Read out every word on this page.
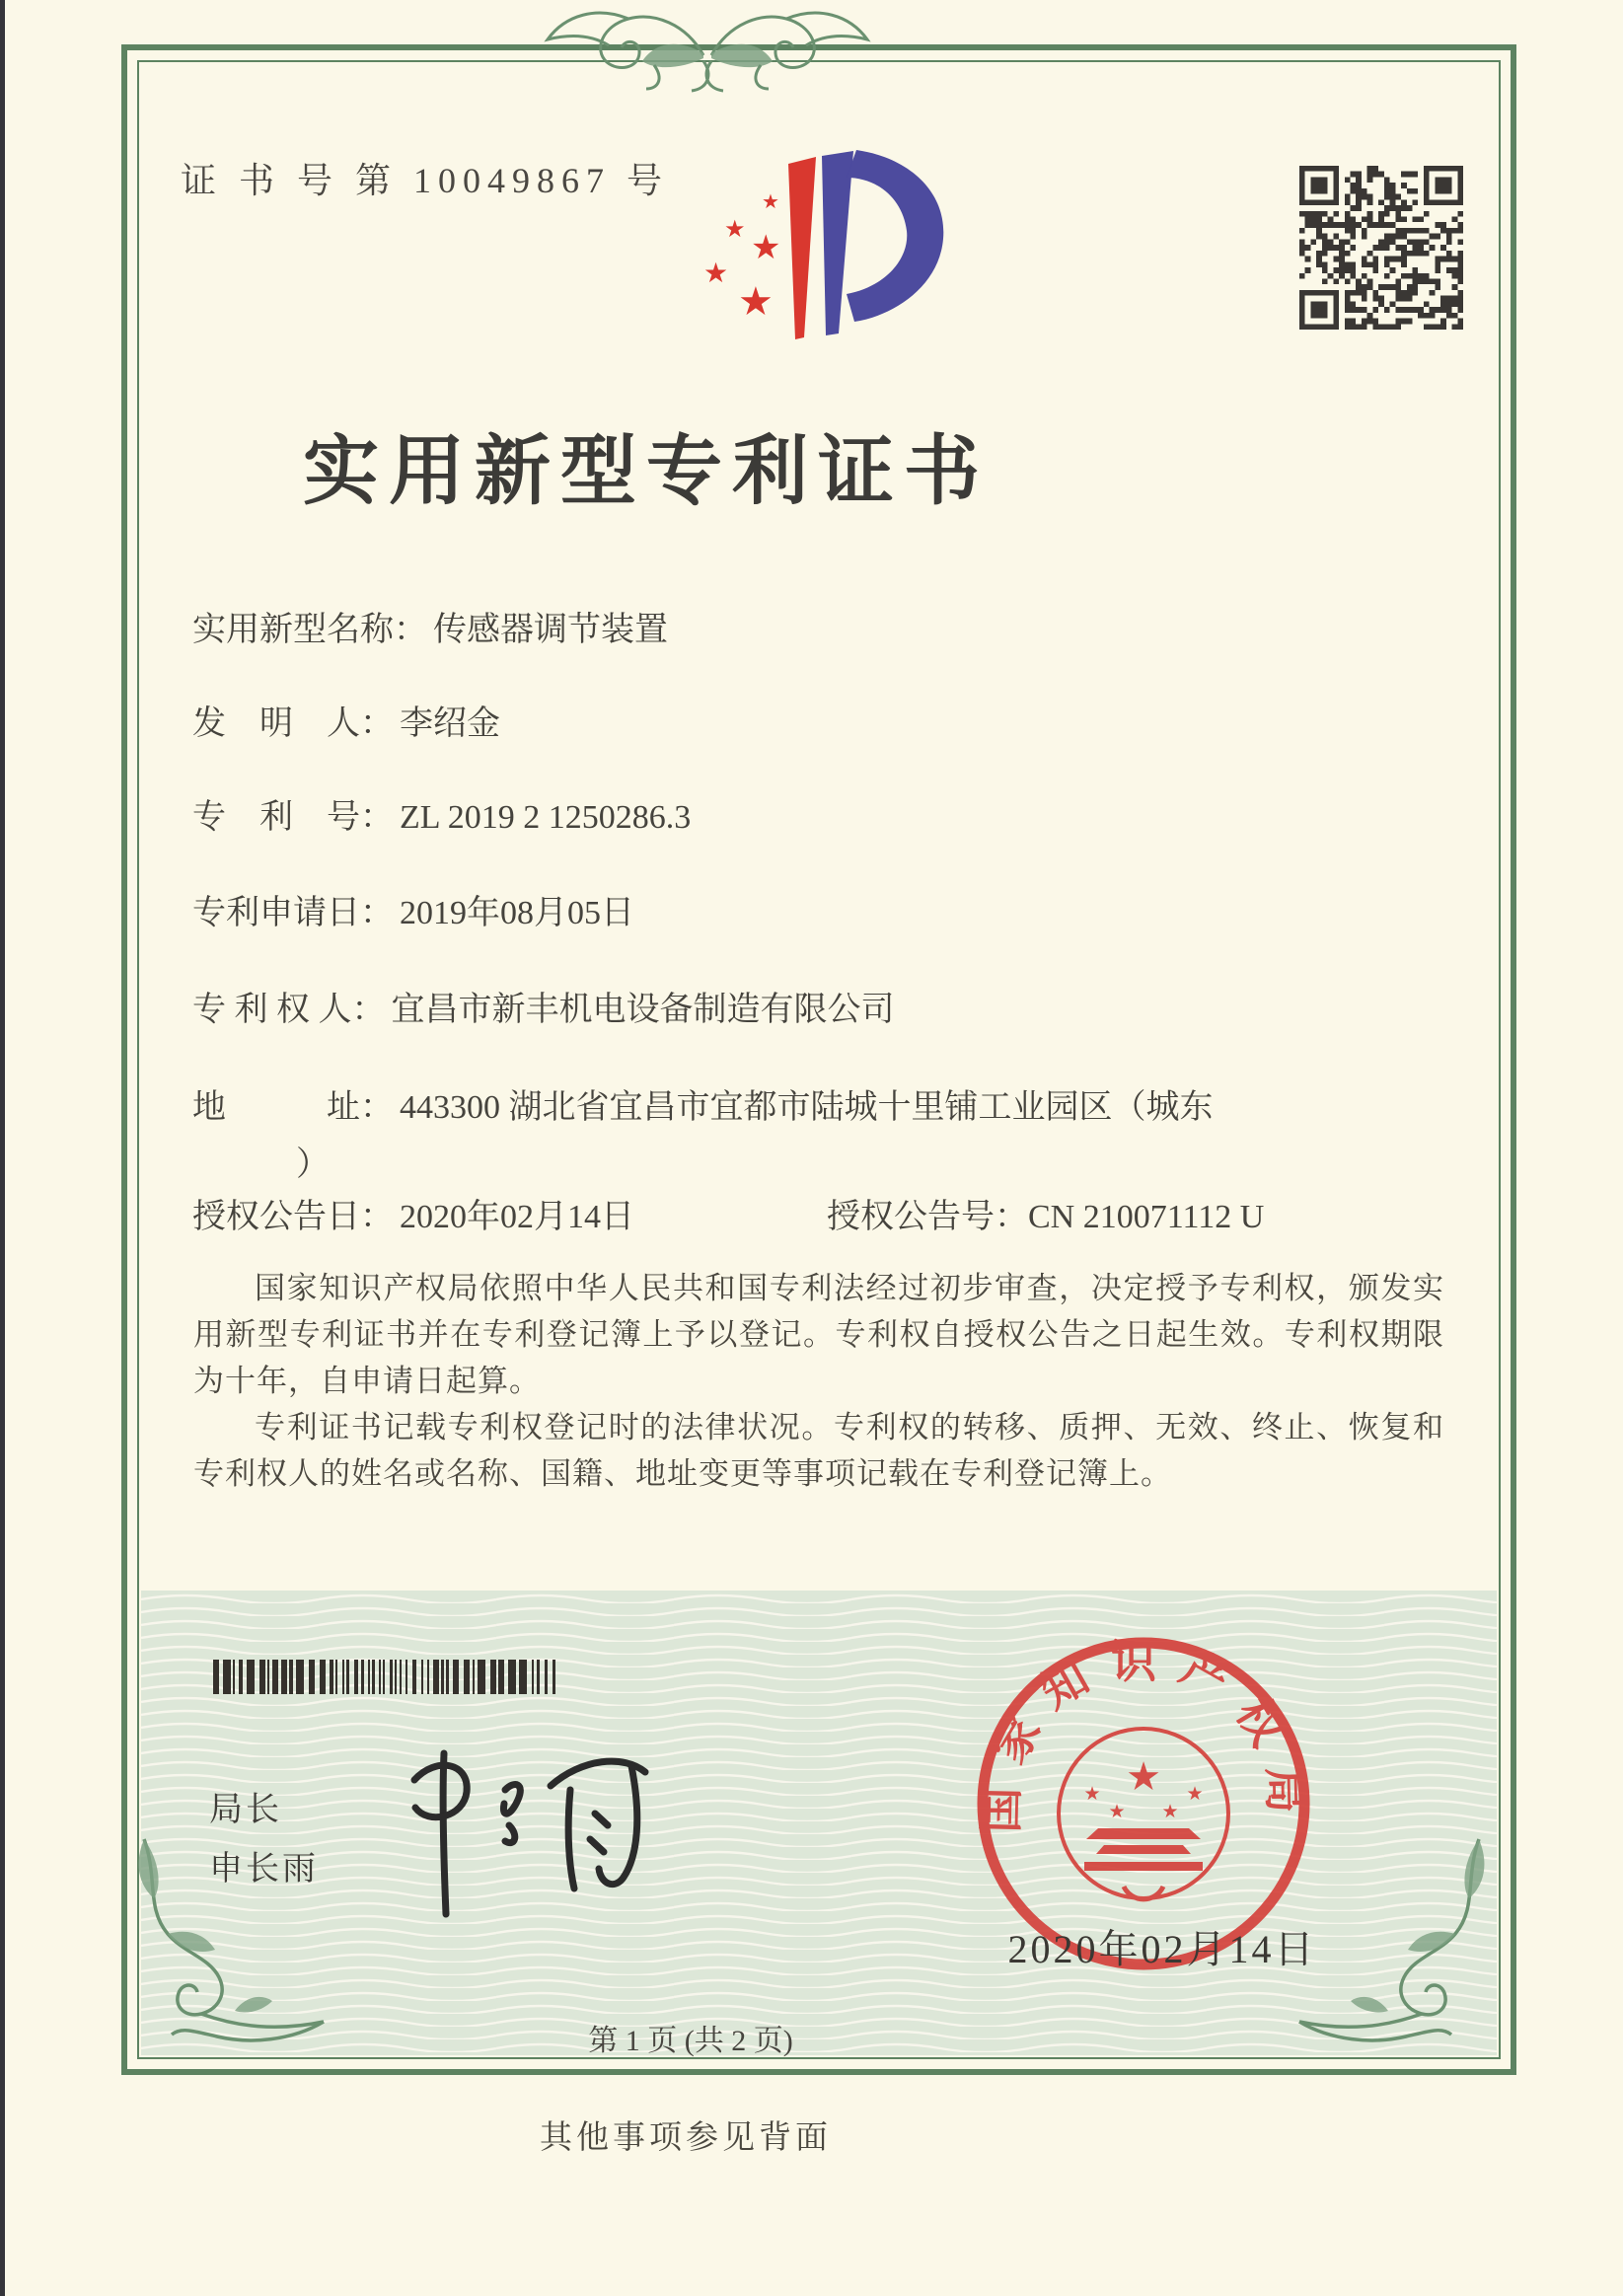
证 书 号 第 10049867 号
★
★ ★
★
★
实用新型专利证书
实用新型名称： 传感器调节装置
发　明　人： 李绍金
专　利　号： ZL 2019 2 1250286.3
专利申请日： 2019年08月05日
专 利 权 人： 宜昌市新丰机电设备制造有限公司
地　　　址： 443300 湖北省宜昌市宜都市陆城十里铺工业园区（城东
）
授权公告日： 2020年02月14日	授权公告号：CN 210071112 U

国家知识产权局依照中华人民共和国专利法经过初步审查，决定授予专利权，颁发实用新型专利证书并在专利登记簿上予以登记。专利权自授权公告之日起生效。专利权期限为十年，自申请日起算。

专利证书记载专利权登记时的法律状况。专利权的转移、质押、无效、终止、恢复和专利权人的姓名或名称、国籍、地址变更等事项记载在专利登记簿上。

局长
申长雨
国家知识产权局
★
★	★
★ ★
2020年02月14日
第 1 页 (共 2 页)
其他事项参见背面
